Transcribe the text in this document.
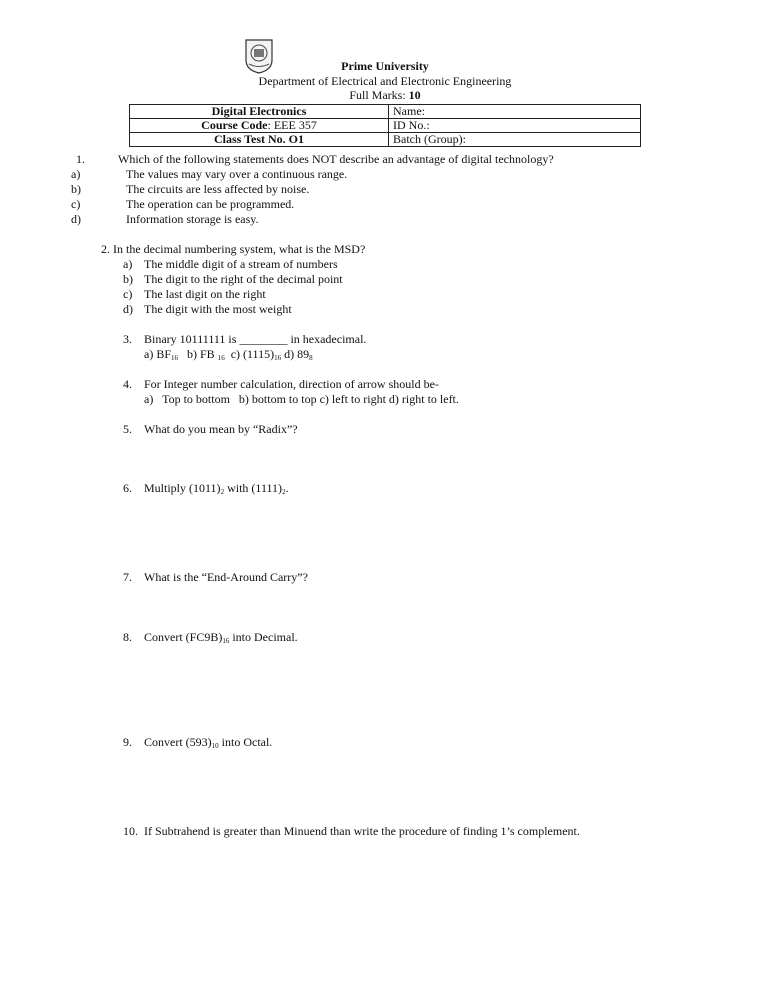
Prime University
Department of Electrical and Electronic Engineering
Full Marks: 10
Digital Electronics	Name:
Course Code: EEE 357	ID No.:
Class Test No. O1	Batch (Group):
1.	Which of the following statements does NOT describe an advantage of digital technology?
a)	The values may vary over a continuous range.
b)	The circuits are less affected by noise.
c)	The operation can be programmed.
d)	Information storage is easy.
2. In the decimal numbering system, what is the MSD?
a) The middle digit of a stream of numbers
b) The digit to the right of the decimal point
c) The last digit on the right
d) The digit with the most weight
3. Binary 10111111 is ________ in hexadecimal.
a) $BF_{16}$ b) FB $_{16}$ c) $(1115)_{16}$ d) $89_8$
4. For Integer number calculation, direction of arrow should be-
a)   Top to bottom   b) bottom to top c) left to right d) right to left.
5. What do you mean by “Radix”?
6. Multiply $(1011)_2$ with $(1111)_2$.
7. What is the “End-Around Carry”?
8. Convert $(FC9B)_{16}$ into Decimal.
9. Convert $(593)_{10}$ into Octal.
10. If Subtrahend is greater than Minuend than write the procedure of finding 1’s complement.
